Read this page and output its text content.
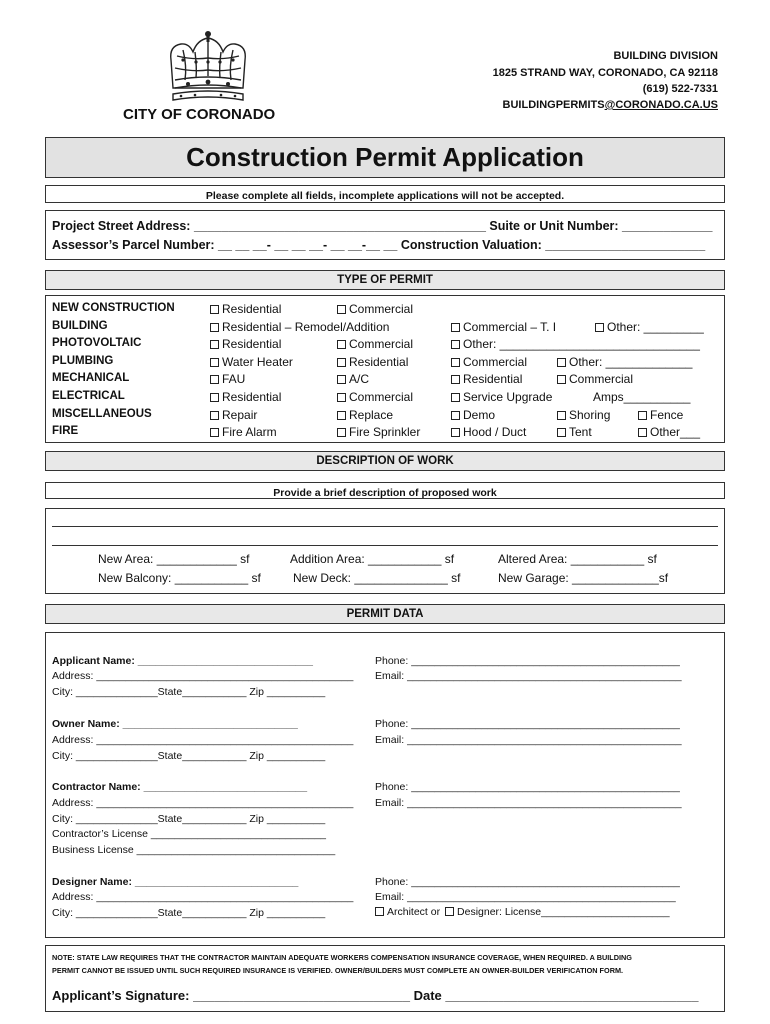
CITY OF CORONADO
BUILDING DIVISION
1825 STRAND WAY, CORONADO, CA 92118
(619) 522-7331
BUILDINGPERMITS@CORONADO.CA.US
Construction Permit Application
Please complete all fields, incomplete applications will not be accepted.
Project Street Address: __________________________________________ Suite or Unit Number: _____________
Assessor’s Parcel Number: __ __ __- __ __ __- __ __-__ __ Construction Valuation: _______________________
TYPE OF PERMIT
NEW CONSTRUCTION	Residential	Commercial
BUILDING	Residential – Remodel/Addition	Commercial – T. I	Other: _________
PHOTOVOLTAIC	Residential	Commercial	Other: ______________________________
PLUMBING	Water Heater	Residential	Commercial	Other: _____________
MECHANICAL	FAU	A/C	Residential	Commercial
ELECTRICAL	Residential	Commercial	Service Upgrade	Amps__________
MISCELLANEOUS	Repair	Replace	Demo	Shoring	Fence
FIRE	Fire Alarm	Fire Sprinkler	Hood / Duct	Tent	Other___
DESCRIPTION OF WORK
Provide a brief description of proposed work
New Area: ____________ sf	Addition Area: ___________ sf	Altered Area: ___________ sf
New Balcony: ___________ sf	New Deck: ______________ sf	New Garage: _____________sf
PERMIT DATA
Applicant Name: ______________________________
Address: ____________________________________________
City: ______________State___________ Zip __________
Phone: ______________________________________________
Email: _______________________________________________
Owner Name: ______________________________
Address: ____________________________________________
City: ______________State___________ Zip __________
Phone: ______________________________________________
Email: _______________________________________________
Contractor Name: ____________________________
Address: ____________________________________________
City: ______________State___________ Zip __________
Contractor’s License ______________________________
Business License __________________________________
Phone: ______________________________________________
Email: _______________________________________________
Designer Name: ____________________________
Address: ____________________________________________
City: ______________State___________ Zip __________
Phone: ______________________________________________
Email: ______________________________________________
Architect or Designer: License______________________
NOTE: STATE LAW REQUIRES THAT THE CONTRACTOR MAINTAIN ADEQUATE WORKERS COMPENSATION INSURANCE COVERAGE, WHEN REQUIRED. A BUILDING
PERMIT CANNOT BE ISSUED UNTIL SUCH REQUIRED INSURANCE IS VERIFIED. OWNER/BUILDERS MUST COMPLETE AN OWNER-BUILDER VERIFICATION FORM.
Applicant’s Signature: ______________________________ Date ___________________________________
